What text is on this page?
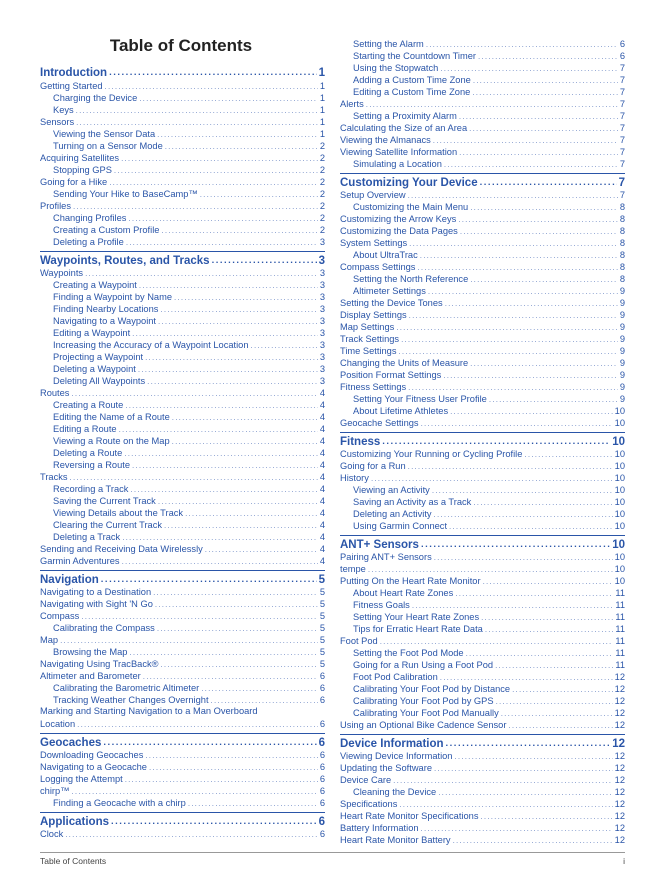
Table of Contents
Introduction .....	1
Getting Started .....	1
Charging the Device .....	1
Keys .....	1
Sensors .....	1
Viewing the Sensor Data .....	1
Turning on a Sensor Mode .....	2
Acquiring Satellites .....	2
Stopping GPS .....	2
Going for a Hike .....	2
Sending Your Hike to BaseCamp™ .....	2
Profiles .....	2
Changing Profiles .....	2
Creating a Custom Profile .....	2
Deleting a Profile .....	3
Waypoints, Routes, and Tracks .....	3
Waypoints .....	3
Creating a Waypoint .....	3
Finding a Waypoint by Name .....	3
Finding Nearby Locations .....	3
Navigating to a Waypoint .....	3
Editing a Waypoint .....	3
Increasing the Accuracy of a Waypoint Location .....	3
Projecting a Waypoint .....	3
Deleting a Waypoint .....	3
Deleting All Waypoints .....	3
Routes .....	4
Creating a Route .....	4
Editing the Name of a Route .....	4
Editing a Route .....	4
Viewing a Route on the Map .....	4
Deleting a Route .....	4
Reversing a Route .....	4
Tracks .....	4
Recording a Track .....	4
Saving the Current Track .....	4
Viewing Details about the Track .....	4
Clearing the Current Track .....	4
Deleting a Track .....	4
Sending and Receiving Data Wirelessly .....	4
Garmin Adventures .....	4
Navigation .....	5
Navigating to a Destination .....	5
Navigating with Sight 'N Go .....	5
Compass .....	5
Calibrating the Compass .....	5
Map .....	5
Browsing the Map .....	5
Navigating Using TracBack® .....	5
Altimeter and Barometer .....	6
Calibrating the Barometric Altimeter .....	6
Tracking Weather Changes Overnight .....	6
Marking and Starting Navigation to a Man Overboard
Location .....	6
Geocaches .....	6
Downloading Geocaches .....	6
Navigating to a Geocache .....	6
Logging the Attempt .....	6
chirp™ .....	6
Finding a Geocache with a chirp .....	6
Applications .....	6
Clock .....	6
Setting the Alarm .....	6
Starting the Countdown Timer .....	6
Using the Stopwatch .....	7
Adding a Custom Time Zone .....	7
Editing a Custom Time Zone .....	7
Alerts .....	7
Setting a Proximity Alarm .....	7
Calculating the Size of an Area .....	7
Viewing the Almanacs .....	7
Viewing Satellite Information .....	7
Simulating a Location .....	7
Customizing Your Device .....	7
Setup Overview .....	7
Customizing the Main Menu .....	8
Customizing the Arrow Keys .....	8
Customizing the Data Pages .....	8
System Settings .....	8
About UltraTrac .....	8
Compass Settings .....	8
Setting the North Reference .....	8
Altimeter Settings .....	9
Setting the Device Tones .....	9
Display Settings .....	9
Map Settings .....	9
Track Settings .....	9
Time Settings .....	9
Changing the Units of Measure .....	9
Position Format Settings .....	9
Fitness Settings .....	9
Setting Your Fitness User Profile .....	9
About Lifetime Athletes .....	10
Geocache Settings .....	10
Fitness .....	10
Customizing Your Running or Cycling Profile .....	10
Going for a Run .....	10
History .....	10
Viewing an Activity .....	10
Saving an Activity as a Track .....	10
Deleting an Activity .....	10
Using Garmin Connect .....	10
ANT+ Sensors .....	10
Pairing ANT+ Sensors .....	10
tempe .....	10
Putting On the Heart Rate Monitor .....	10
About Heart Rate Zones .....	11
Fitness Goals .....	11
Setting Your Heart Rate Zones .....	11
Tips for Erratic Heart Rate Data .....	11
Foot Pod .....	11
Setting the Foot Pod Mode .....	11
Going for a Run Using a Foot Pod .....	11
Foot Pod Calibration .....	12
Calibrating Your Foot Pod by Distance .....	12
Calibrating Your Foot Pod by GPS .....	12
Calibrating Your Foot Pod Manually .....	12
Using an Optional Bike Cadence Sensor .....	12
Device Information .....	12
Viewing Device Information .....	12
Updating the Software .....	12
Device Care .....	12
Cleaning the Device .....	12
Specifications .....	12
Heart Rate Monitor Specifications .....	12
Battery Information .....	12
Heart Rate Monitor Battery .....	12
Table of Contents	i
